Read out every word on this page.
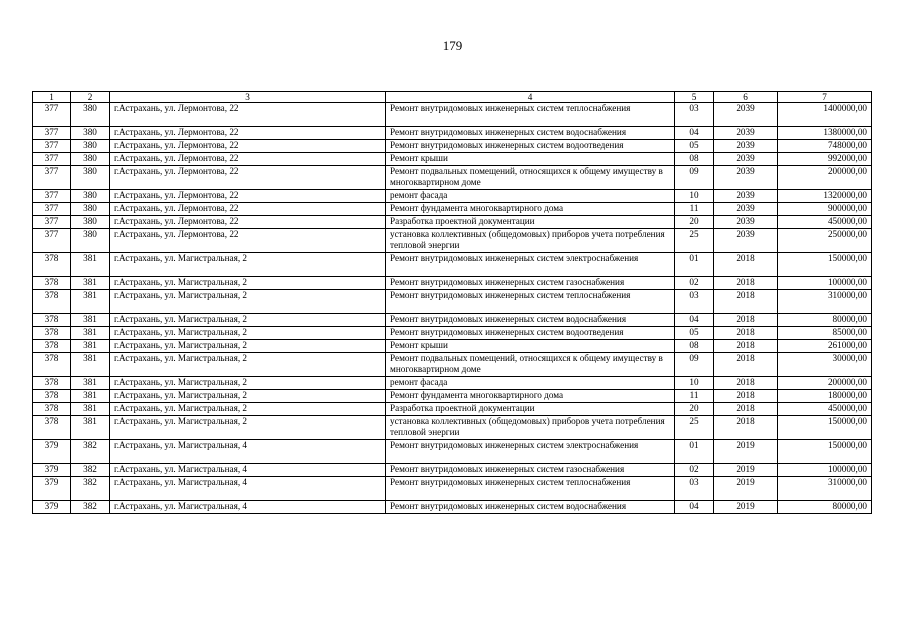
179
1	2	3	4	5	6	7
377	380	г.Астрахань, ул. Лермонтова, 22	Ремонт внутридомовых инженерных систем теплоснабжения	03	2039	1400000,00
377	380	г.Астрахань, ул. Лермонтова, 22	Ремонт внутридомовых инженерных систем водоснабжения	04	2039	1380000,00
377	380	г.Астрахань, ул. Лермонтова, 22	Ремонт внутридомовых инженерных систем водоотведения	05	2039	748000,00
377	380	г.Астрахань, ул. Лермонтова, 22	Ремонт крыши	08	2039	992000,00
377	380	г.Астрахань, ул. Лермонтова, 22	Ремонт подвальных помещений, относящихся к общему имуществу в многоквартирном доме	09	2039	200000,00
377	380	г.Астрахань, ул. Лермонтова, 22	ремонт фасада	10	2039	1320000,00
377	380	г.Астрахань, ул. Лермонтова, 22	Ремонт фундамента многоквартирного дома	11	2039	900000,00
377	380	г.Астрахань, ул. Лермонтова, 22	Разработка проектной документации	20	2039	450000,00
377	380	г.Астрахань, ул. Лермонтова, 22	установка коллективных (общедомовых) приборов учета потребления тепловой энергии	25	2039	250000,00
378	381	г.Астрахань, ул. Магистральная, 2	Ремонт внутридомовых инженерных систем электроснабжения	01	2018	150000,00
378	381	г.Астрахань, ул. Магистральная, 2	Ремонт внутридомовых инженерных систем газоснабжения	02	2018	100000,00
378	381	г.Астрахань, ул. Магистральная, 2	Ремонт внутридомовых инженерных систем теплоснабжения	03	2018	310000,00
378	381	г.Астрахань, ул. Магистральная, 2	Ремонт внутридомовых инженерных систем водоснабжения	04	2018	80000,00
378	381	г.Астрахань, ул. Магистральная, 2	Ремонт внутридомовых инженерных систем водоотведения	05	2018	85000,00
378	381	г.Астрахань, ул. Магистральная, 2	Ремонт крыши	08	2018	261000,00
378	381	г.Астрахань, ул. Магистральная, 2	Ремонт подвальных помещений, относящихся к общему имуществу в многоквартирном доме	09	2018	30000,00
378	381	г.Астрахань, ул. Магистральная, 2	ремонт фасада	10	2018	200000,00
378	381	г.Астрахань, ул. Магистральная, 2	Ремонт фундамента многоквартирного дома	11	2018	180000,00
378	381	г.Астрахань, ул. Магистральная, 2	Разработка проектной документации	20	2018	450000,00
378	381	г.Астрахань, ул. Магистральная, 2	установка коллективных (общедомовых) приборов учета потребления тепловой энергии	25	2018	150000,00
379	382	г.Астрахань, ул. Магистральная, 4	Ремонт внутридомовых инженерных систем электроснабжения	01	2019	150000,00
379	382	г.Астрахань, ул. Магистральная, 4	Ремонт внутридомовых инженерных систем газоснабжения	02	2019	100000,00
379	382	г.Астрахань, ул. Магистральная, 4	Ремонт внутридомовых инженерных систем теплоснабжения	03	2019	310000,00
379	382	г.Астрахань, ул. Магистральная, 4	Ремонт внутридомовых инженерных систем водоснабжения	04	2019	80000,00
